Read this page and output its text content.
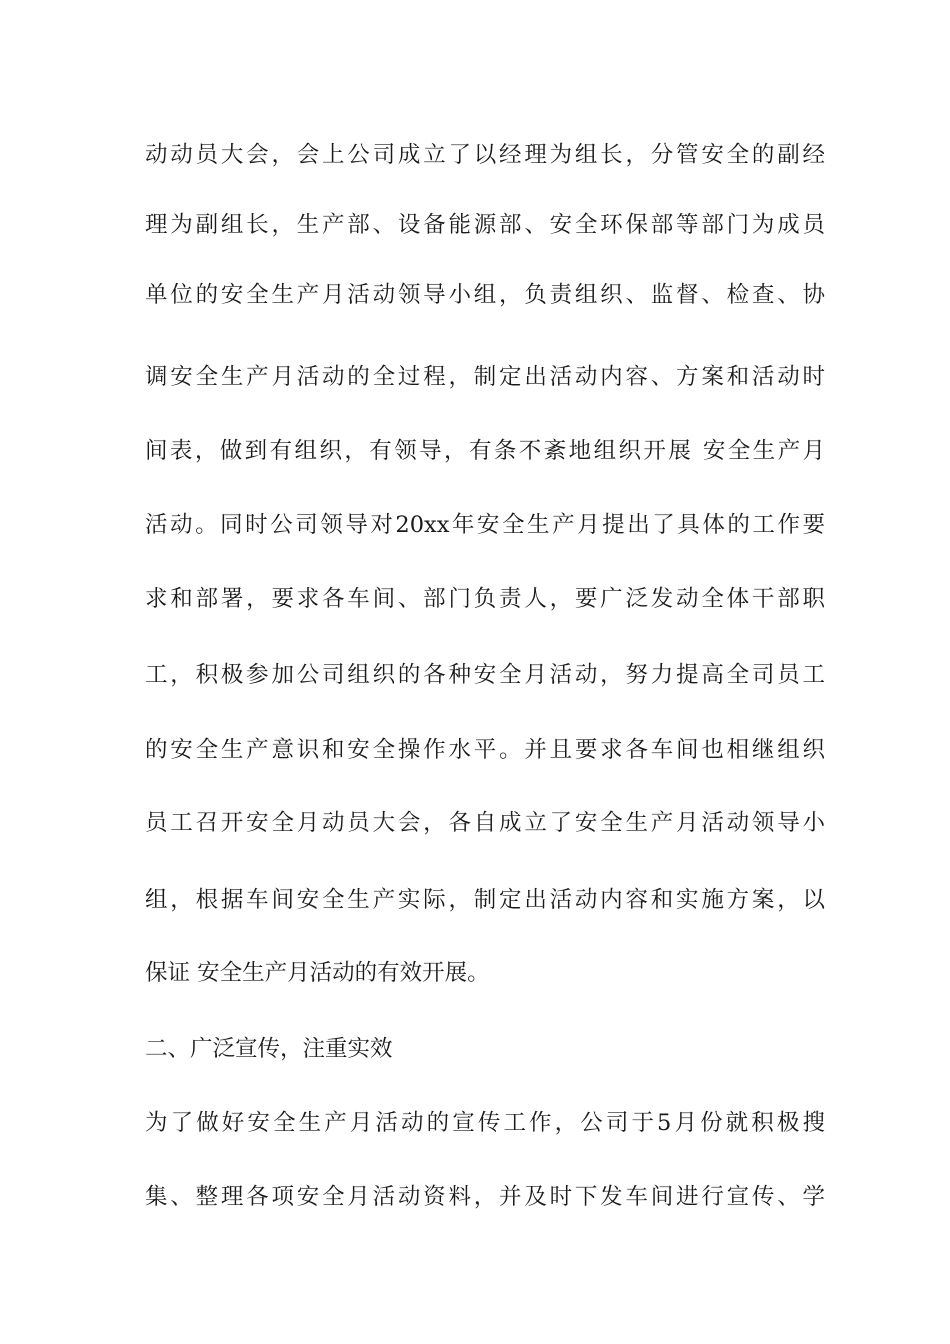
动动员大会，会上公司成立了以经理为组长，分管安全的副经
理为副组长，生产部、设备能源部、安全环保部等部门为成员
单位的安全生产月活动领导小组，负责组织、监督、检查、协
调安全生产月活动的全过程，制定出活动内容、方案和活动时
间表，做到有组织，有领导，有条不紊地组织开展 安全生产月
活动。同时公司领导对20xx年安全生产月提出了具体的工作要
求和部署，要求各车间、部门负责人，要广泛发动全体干部职
工，积极参加公司组织的各种安全月活动，努力提高全司员工
的安全生产意识和安全操作水平。并且要求各车间也相继组织
员工召开安全月动员大会，各自成立了安全生产月活动领导小
组，根据车间安全生产实际，制定出活动内容和实施方案，以
保证 安全生产月活动的有效开展。
二、广泛宣传，注重实效
为了做好安全生产月活动的宣传工作，公司于5月份就积极搜
集、整理各项安全月活动资料，并及时下发车间进行宣传、学
